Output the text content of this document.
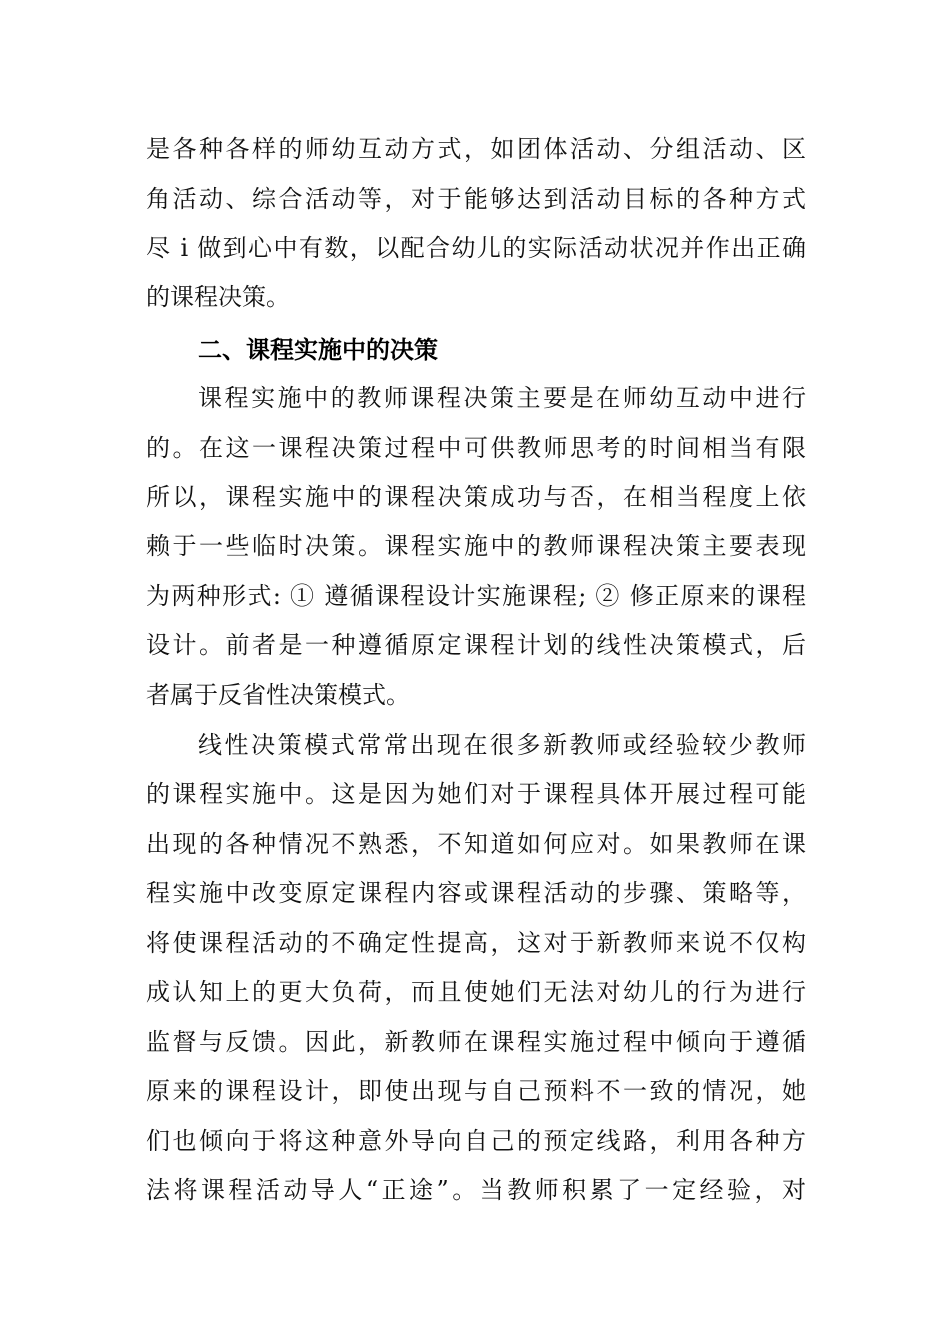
是各种各样的师幼互动方式，如团体活动、分组活动、区
角活动、综合活动等，对于能够达到活动目标的各种方式
尽 i 做到心中有数，以配合幼儿的实际活动状况并作出正确
的课程决策。
二、课程实施中的决策
课程实施中的教师课程决策主要是在师幼互动中进行
的。在这一课程决策过程中可供教师思考的时间相当有限
所以，课程实施中的课程决策成功与否，在相当程度上依
赖于一些临时决策。课程实施中的教师课程决策主要表现
为两种形式: ① 遵循课程设计实施课程; ② 修正原来的课程
设计。前者是一种遵循原定课程计划的线性决策模式，后
者属于反省性决策模式。
线性决策模式常常出现在很多新教师或经验较少教师
的课程实施中。这是因为她们对于课程具体开展过程可能
出现的各种情况不熟悉，不知道如何应对。如果教师在课
程实施中改变原定课程内容或课程活动的步骤、策略等，
将使课程活动的不确定性提高，这对于新教师来说不仅构
成认知上的更大负荷，而且使她们无法对幼儿的行为进行
监督与反馈。因此，新教师在课程实施过程中倾向于遵循
原来的课程设计，即使出现与自己预料不一致的情况，她
们也倾向于将这种意外导向自己的预定线路，利用各种方
法将课程活动导人“正途”。当教师积累了一定经验，对
